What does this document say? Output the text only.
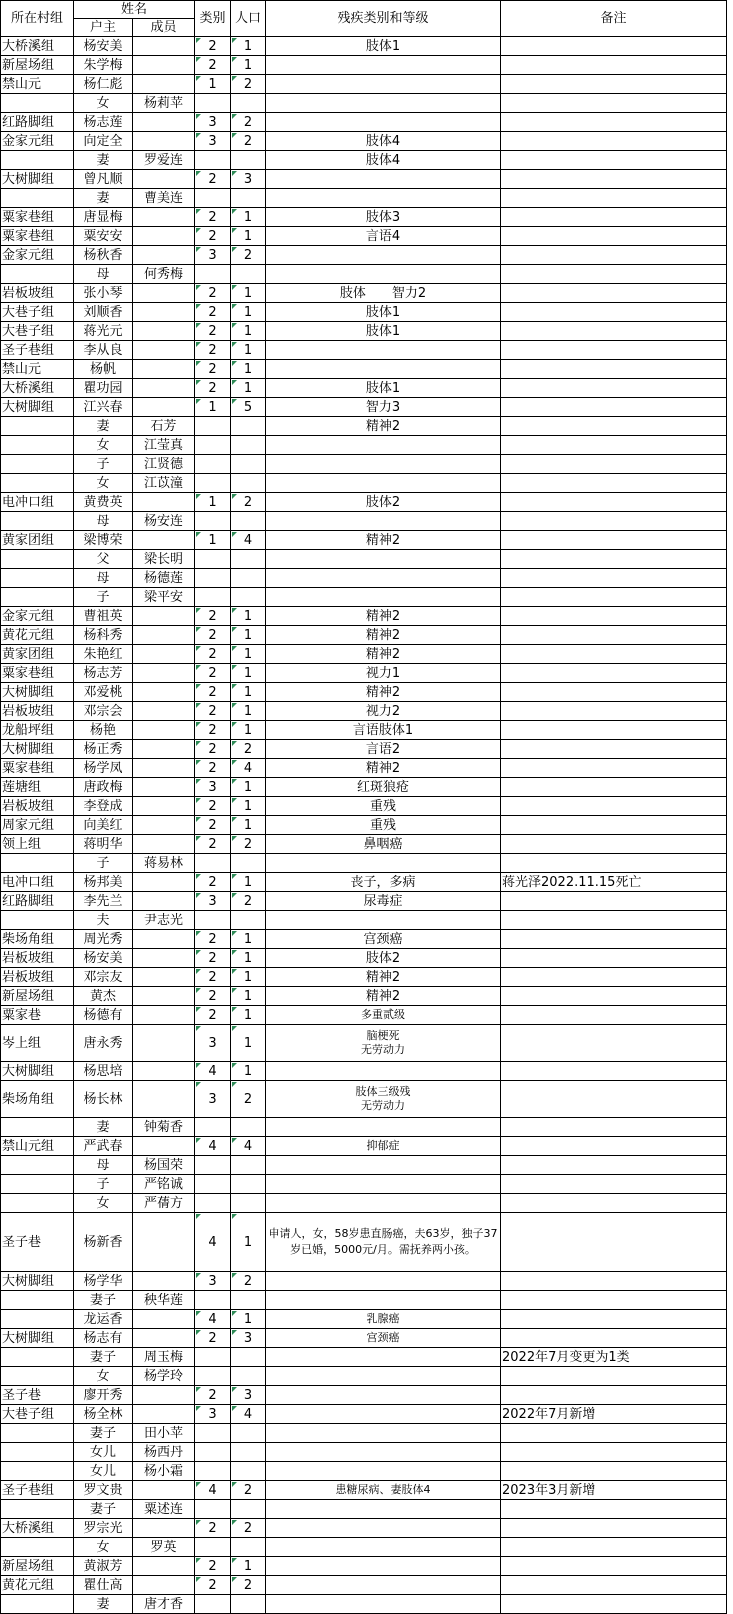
所在村组	姓名		类别	人口	残疾类别和等级	备注
	户主	成员				
大桥溪组	杨安美		2	1	肢体1	
新屋场组	朱学梅		2	1		
禁山元	杨仁彪		1	2		
	女	杨莉苹				
红路脚组	杨志莲		3	2		
金家元组	向定全		3	2	肢体4	
	妻	罗爱连			肢体4	
大树脚组	曾凡顺		2	3		
	妻	曹美连				
粟家巷组	唐显梅		2	1	肢体3	
粟家巷组	粟安安		2	1	言语4	
金家元组	杨秋香		3	2		
	母	何秀梅				
岩板坡组	张小琴		2	1	肢体　　智力2	
大巷子组	刘顺香		2	1	肢体1	
大巷子组	蒋光元		2	1	肢体1	
圣子巷组	李从良		2	1		
禁山元	杨帆		2	1		
大桥溪组	瞿功园		2	1	肢体1	
大树脚组	江兴春		1	5	智力3	
	妻	石芳			精神2	
	女	江莹真				
	子	江贤德				
	女	江苡潼				
电冲口组	黄费英		1	2	肢体2	
	母	杨安连				
黄家团组	梁博荣		1	4	精神2	
	父	梁长明				
	母	杨德莲				
	子	梁平安				
金家元组	曹祖英		2	1	精神2	
黄花元组	杨科秀		2	1	精神2	
黄家团组	朱艳红		2	1	精神2	
粟家巷组	杨志芳		2	1	视力1	
大树脚组	邓爱桃		2	1	精神2	
岩板坡组	邓宗会		2	1	视力2	
龙船坪组	杨艳		2	1	言语肢体1	
大树脚组	杨正秀		2	2	言语2	
粟家巷组	杨学凤		2	4	精神2	
莲塘组	唐政梅		3	1	红斑狼疮	
岩板坡组	李登成		2	1	重残	
周家元组	向美红		2	1	重残	
领上组	蒋明华		2	2	鼻咽癌	
	子	蒋易林				
电冲口组	杨邦美		2	1	丧子，多病	蒋光泽2022.11.15死亡
红路脚组	李先兰		3	2	尿毒症	
	夫	尹志光				
柴场角组	周光秀		2	1	宫颈癌	
岩板坡组	杨安美		2	1	肢体2	
岩板坡组	邓宗友		2	1	精神2	
新屋场组	黄杰		2	1	精神2	
粟家巷	杨德有		2	1	多重贰级	
岑上组	唐永秀		3	1	脑梗死
无劳动力	
大树脚组	杨思培		4	1		
柴场角组	杨长林		3	2	肢体三级残
无劳动力	
	妻	钟菊香				
禁山元组	严武春		4	4	抑郁症	
	母	杨国荣				
	子	严铭诚				
	女	严蒨方				
圣子巷	杨新香		4	1	申请人，女，58岁患直肠癌，夫63岁，独子37岁已婚，5000元/月。需抚养两小孩。	
大树脚组	杨学华		3	2		
	妻子	秧华莲				
	龙运香		4	1	乳腺癌	
大树脚组	杨志有		2	3	宫颈癌	
	妻子	周玉梅				2022年7月变更为1类
	女	杨学玲				
圣子巷	廖开秀		2	3		
大巷子组	杨全林		3	4		2022年7月新增
	妻子	田小苹				
	女儿	杨西丹				
	女儿	杨小霜				
圣子巷组	罗文贵		4	2	患糖尿病、妻肢体4	2023年3月新增
	妻子	粟述连				
大桥溪组	罗宗光		2	2		
	女	罗英				
新屋场组	黄淑芳		2	1		
黄花元组	瞿仕高		2	2		
	妻	唐才香				
